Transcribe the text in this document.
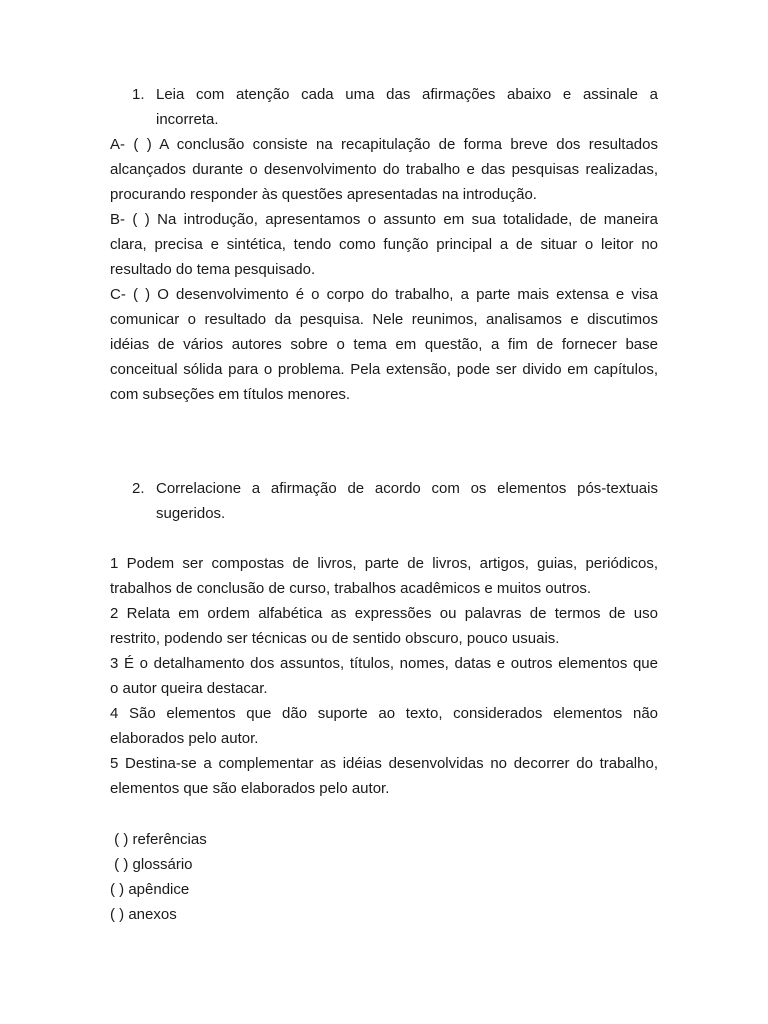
1. Leia com atenção cada uma das afirmações abaixo e assinale a
incorreta.
A- ( ) A conclusão consiste na recapitulação de forma breve dos resultados
alcançados durante o desenvolvimento do trabalho e das pesquisas realizadas,
procurando responder às questões apresentadas na introdução.
B- ( ) Na introdução, apresentamos o assunto em sua totalidade, de maneira
clara, precisa e sintética, tendo como função principal a de situar o leitor no
resultado do tema pesquisado.
C- ( ) O desenvolvimento é o corpo do trabalho, a parte mais extensa e visa
comunicar o resultado da pesquisa. Nele reunimos, analisamos e discutimos
idéias de vários autores sobre o tema em questão, a fim de fornecer base
conceitual sólida para o problema. Pela extensão, pode ser divido em capítulos,
com subseções em títulos menores.
2. Correlacione a afirmação de acordo com os elementos pós-textuais
sugeridos.
1 Podem ser compostas de livros, parte de livros, artigos, guias, periódicos,
trabalhos de conclusão de curso, trabalhos acadêmicos e muitos outros.
2 Relata em ordem alfabética as expressões ou palavras de termos de uso
restrito, podendo ser técnicas ou de sentido obscuro, pouco usuais.
3 É o detalhamento dos assuntos, títulos, nomes, datas e outros elementos que
o autor queira destacar.
4 São elementos que dão suporte ao texto, considerados elementos não
elaborados pelo autor.
5 Destina-se a complementar as idéias desenvolvidas no decorrer do trabalho,
elementos que são elaborados pelo autor.
( ) referências
( ) glossário
( ) apêndice
( ) anexos
